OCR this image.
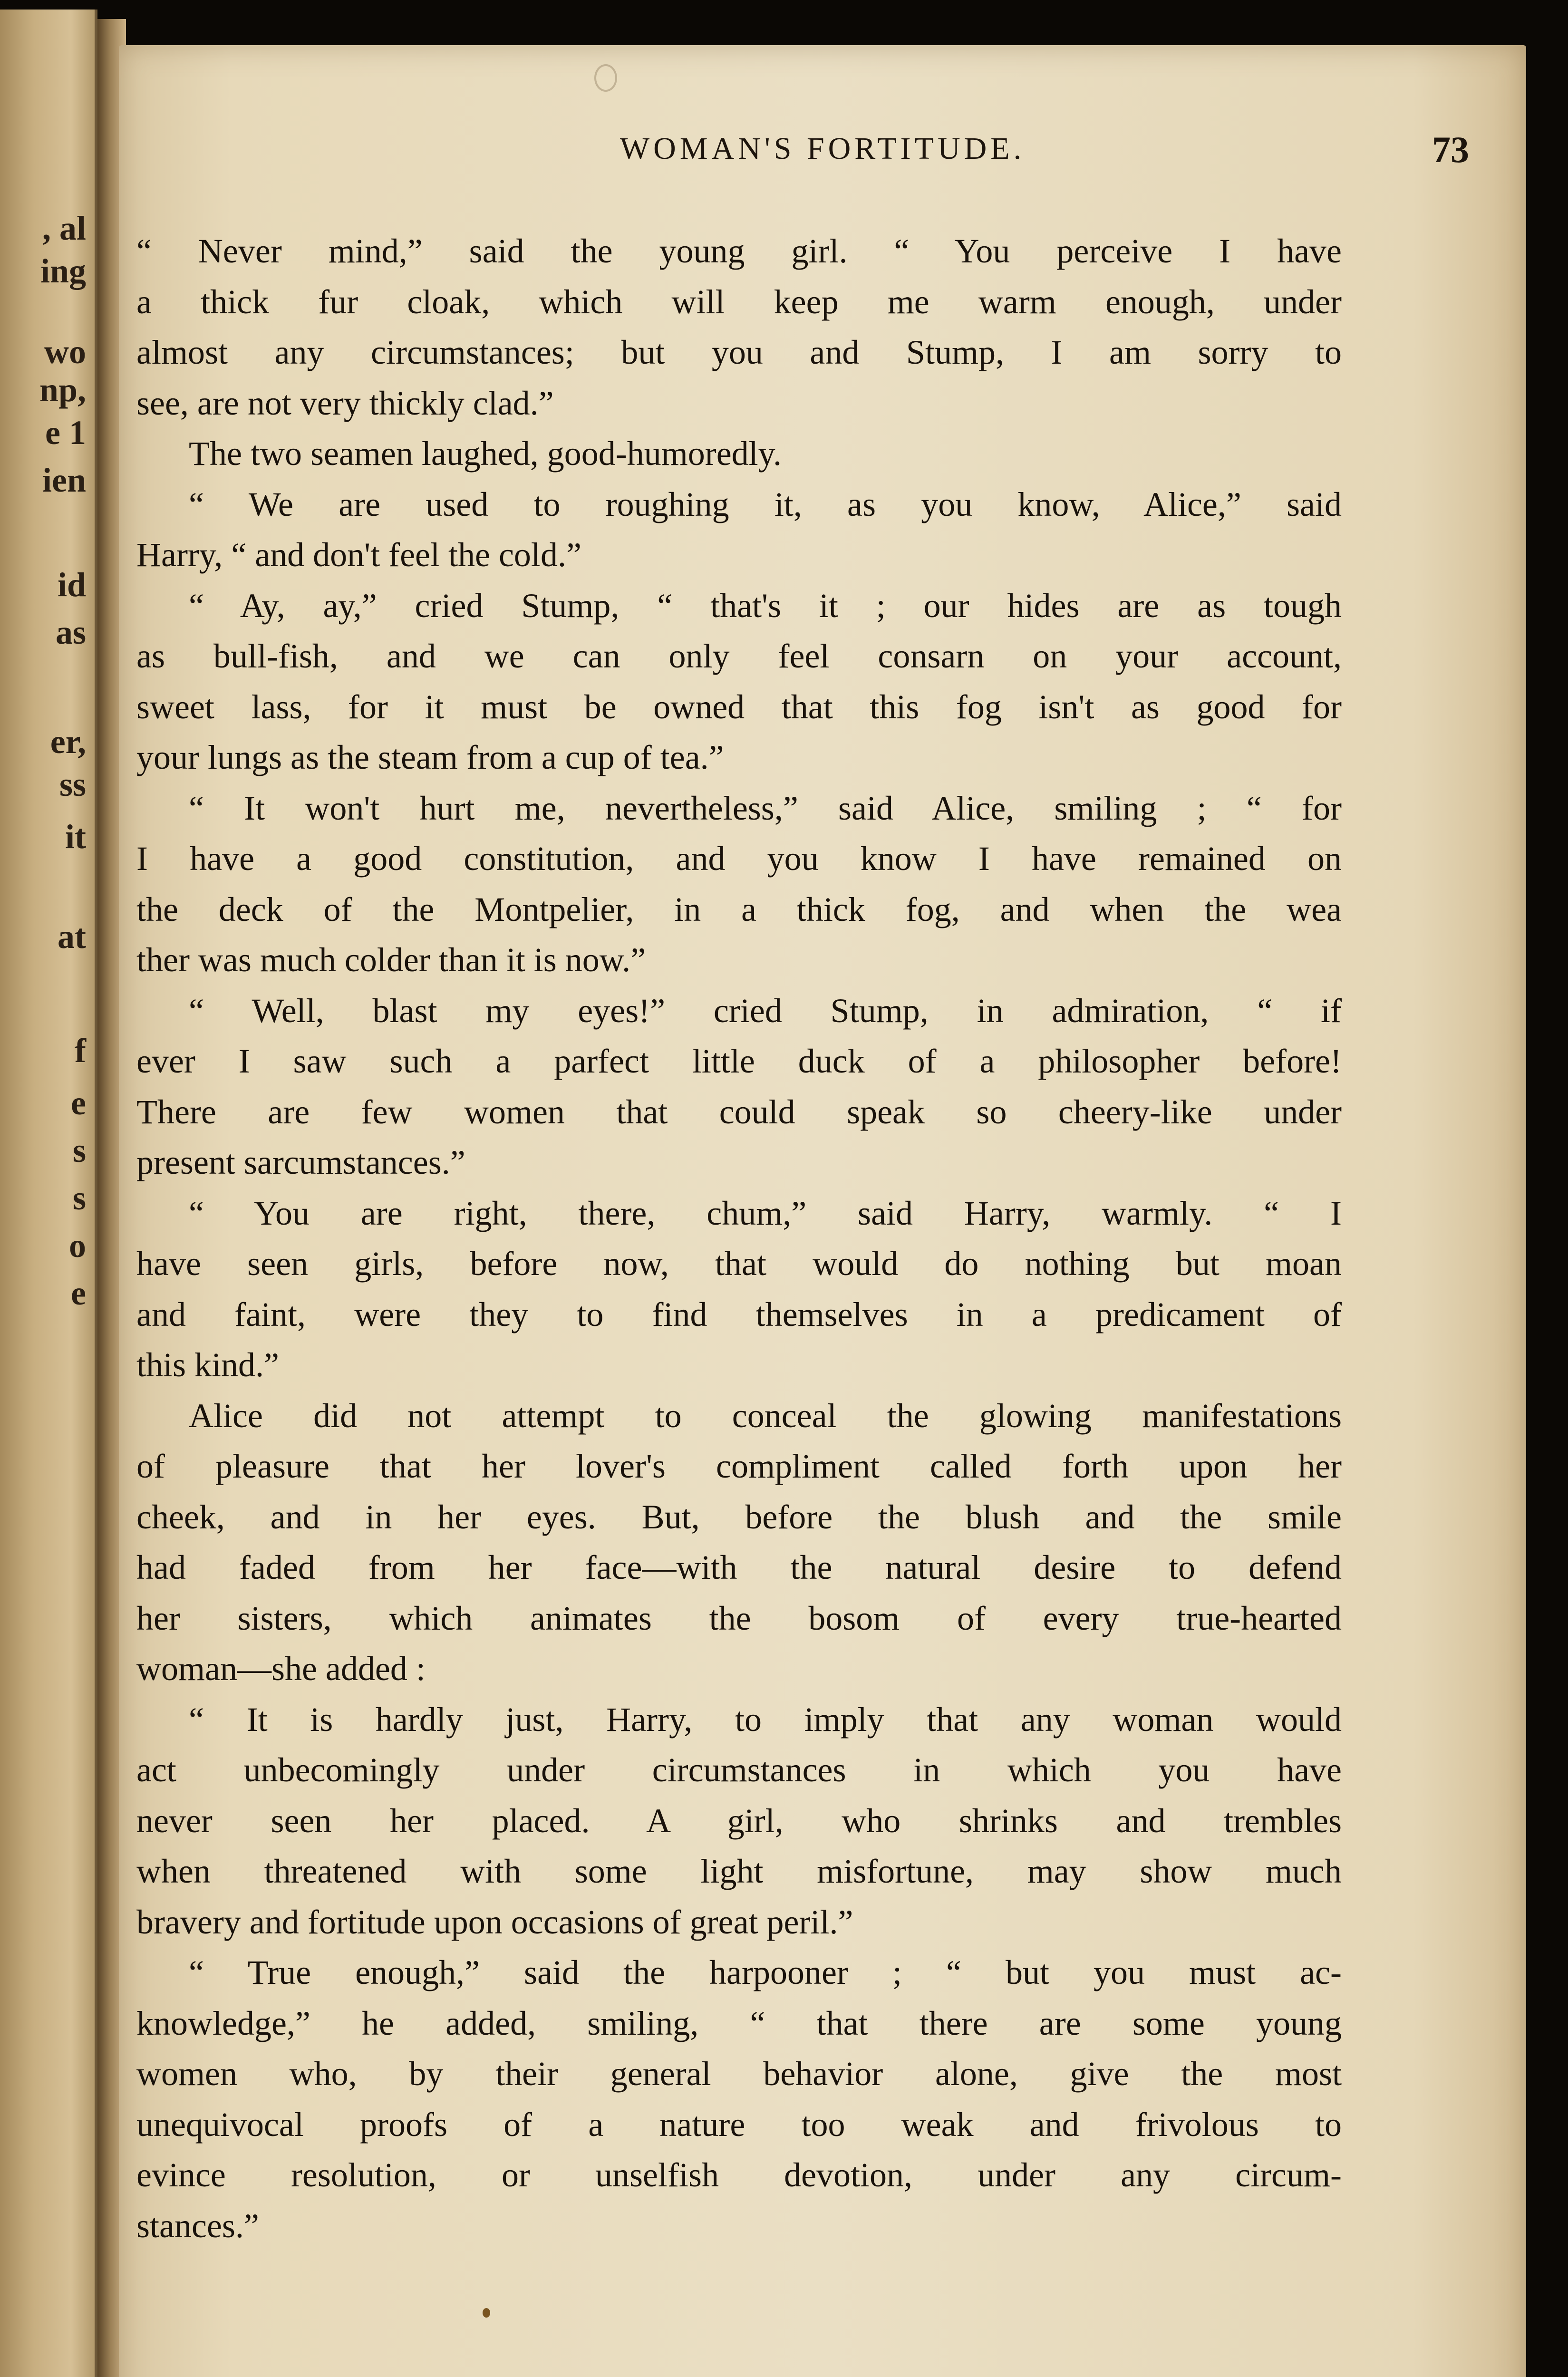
, al

ing

wo

np,

e 1

ien

id

as

er,

ss

it

at

f

e

s

s

o

e

WOMAN'S FORTITUDE.	73

“ Never mind,” said the young girl. “ You perceive I have
a thick fur cloak, which will keep me warm enough, under
almost any circumstances; but you and Stump, I am sorry to
see, are not very thickly clad.”
The two seamen laughed, good-humoredly.
“ We are used to roughing it, as you know, Alice,” said
Harry, “ and don't feel the cold.”
“ Ay, ay,” cried Stump, “ that's it ; our hides are as tough
as bull-fish, and we can only feel consarn on your account,
sweet lass, for it must be owned that this fog isn't as good for
your lungs as the steam from a cup of tea.”
“ It won't hurt me, nevertheless,” said Alice, smiling ; “ for
I have a good constitution, and you know I have remained on
the deck of the Montpelier, in a thick fog, and when the wea
ther was much colder than it is now.”
“ Well, blast my eyes!” cried Stump, in admiration, “ if
ever I saw such a parfect little duck of a philosopher before!
There are few women that could speak so cheery-like under
present sarcumstances.”
“ You are right, there, chum,” said Harry, warmly. “ I
have seen girls, before now, that would do nothing but moan
and faint, were they to find themselves in a predicament of
this kind.”
Alice did not attempt to conceal the glowing manifestations
of pleasure that her lover's compliment called forth upon her
cheek, and in her eyes. But, before the blush and the smile
had faded from her face—with the natural desire to defend
her sisters, which animates the bosom of every true-hearted
woman—she added :
“ It is hardly just, Harry, to imply that any woman would
act unbecomingly under circumstances in which you have
never seen her placed. A girl, who shrinks and trembles
when threatened with some light misfortune, may show much
bravery and fortitude upon occasions of great peril.”
“ True enough,” said the harpooner ; “ but you must ac-
knowledge,” he added, smiling, “ that there are some young
women who, by their general behavior alone, give the most
unequivocal proofs of a nature too weak and frivolous to
evince resolution, or unselfish devotion, under any circum-
stances.”
